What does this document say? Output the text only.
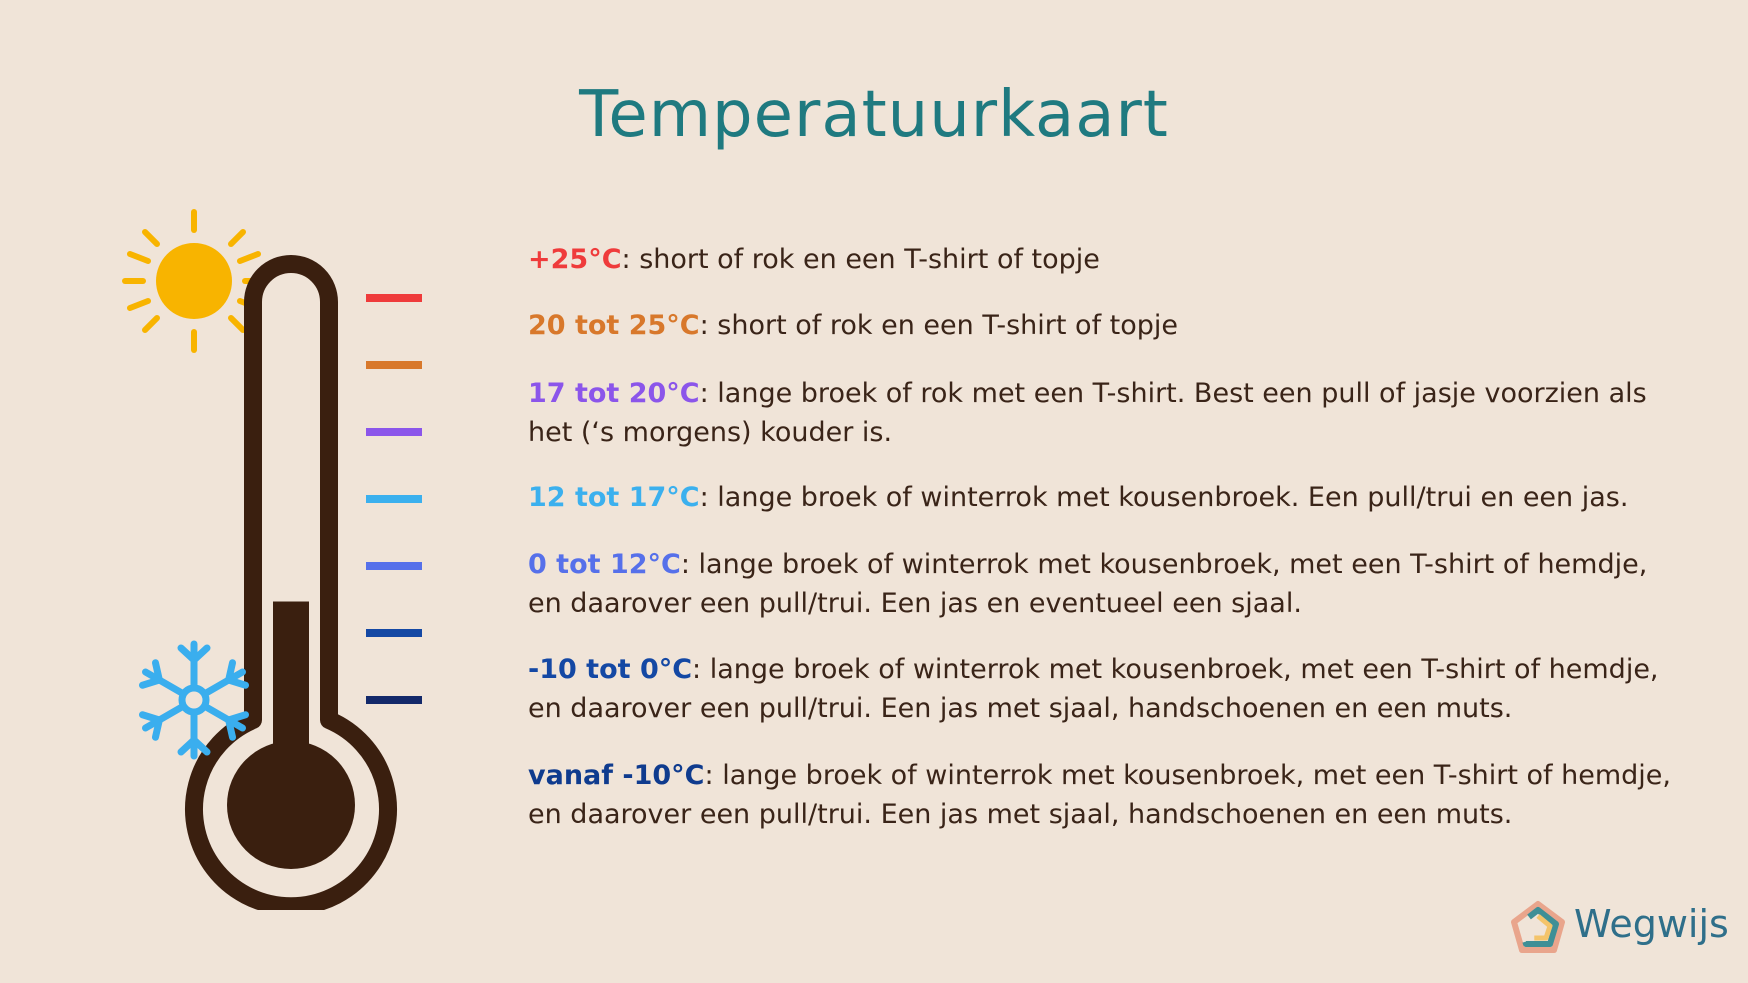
Temperatuurkaart
+25°C: short of rok en een T-shirt of topje
20 tot 25°C: short of rok en een T-shirt of topje
17 tot 20°C: lange broek of rok met een T-shirt. Best een pull of jasje voorzien als het (‘s morgens) kouder is.
12 tot 17°C: lange broek of winterrok met kousenbroek. Een pull/trui en een jas.
0 tot 12°C: lange broek of winterrok met kousenbroek, met een T-shirt of hemdje, en daarover een pull/trui. Een jas en eventueel een sjaal.
-10 tot 0°C: lange broek of winterrok met kousenbroek, met een T-shirt of hemdje, en daarover een pull/trui. Een jas met sjaal, handschoenen en een muts.
vanaf -10°C: lange broek of winterrok met kousenbroek, met een T-shirt of hemdje, en daarover een pull/trui. Een jas met sjaal, handschoenen en een muts.
Wegwijs
